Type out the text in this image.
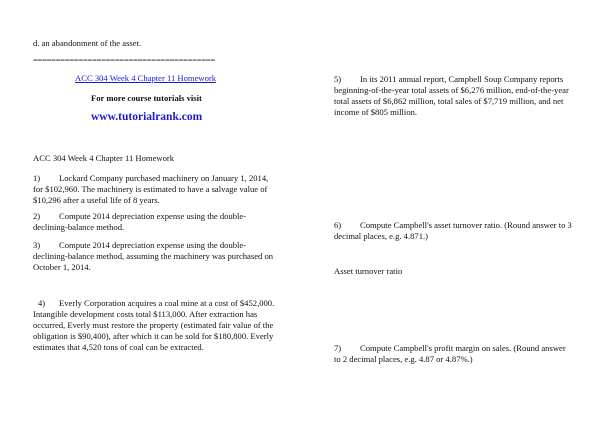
d. an abandonment of the asset.
========================================
ACC 304 Week 4 Chapter 11 Homework
For more course tutorials visit
www.tutorialrank.com
ACC 304 Week 4 Chapter 11 Homework
1) Lockard Company purchased machinery on January 1, 2014, for $102,960. The machinery is estimated to have a salvage value of $10,296 after a useful life of 8 years.
2) Compute 2014 depreciation expense using the double-declining-balance method.
3) Compute 2014 depreciation expense using the double-declining-balance method, assuming the machinery was purchased on October 1, 2014.
4) Everly Corporation acquires a coal mine at a cost of $452,000. Intangible development costs total $113,000. After extraction has occurred, Everly must restore the property (estimated fair value of the obligation is $90,400), after which it can be sold for $180,800. Everly estimates that 4,520 tons of coal can be extracted.
5) In its 2011 annual report, Campbell Soup Company reports beginning-of-the-year total assets of $6,276 million, end-of-the-year total assets of $6,862 million, total sales of $7,719 million, and net income of $805 million.
6) Compute Campbell's asset turnover ratio. (Round answer to 3 decimal places, e.g. 4.871.)
Asset turnover ratio
7) Compute Campbell's profit margin on sales. (Round answer to 2 decimal places, e.g. 4.87 or 4.87%.)
